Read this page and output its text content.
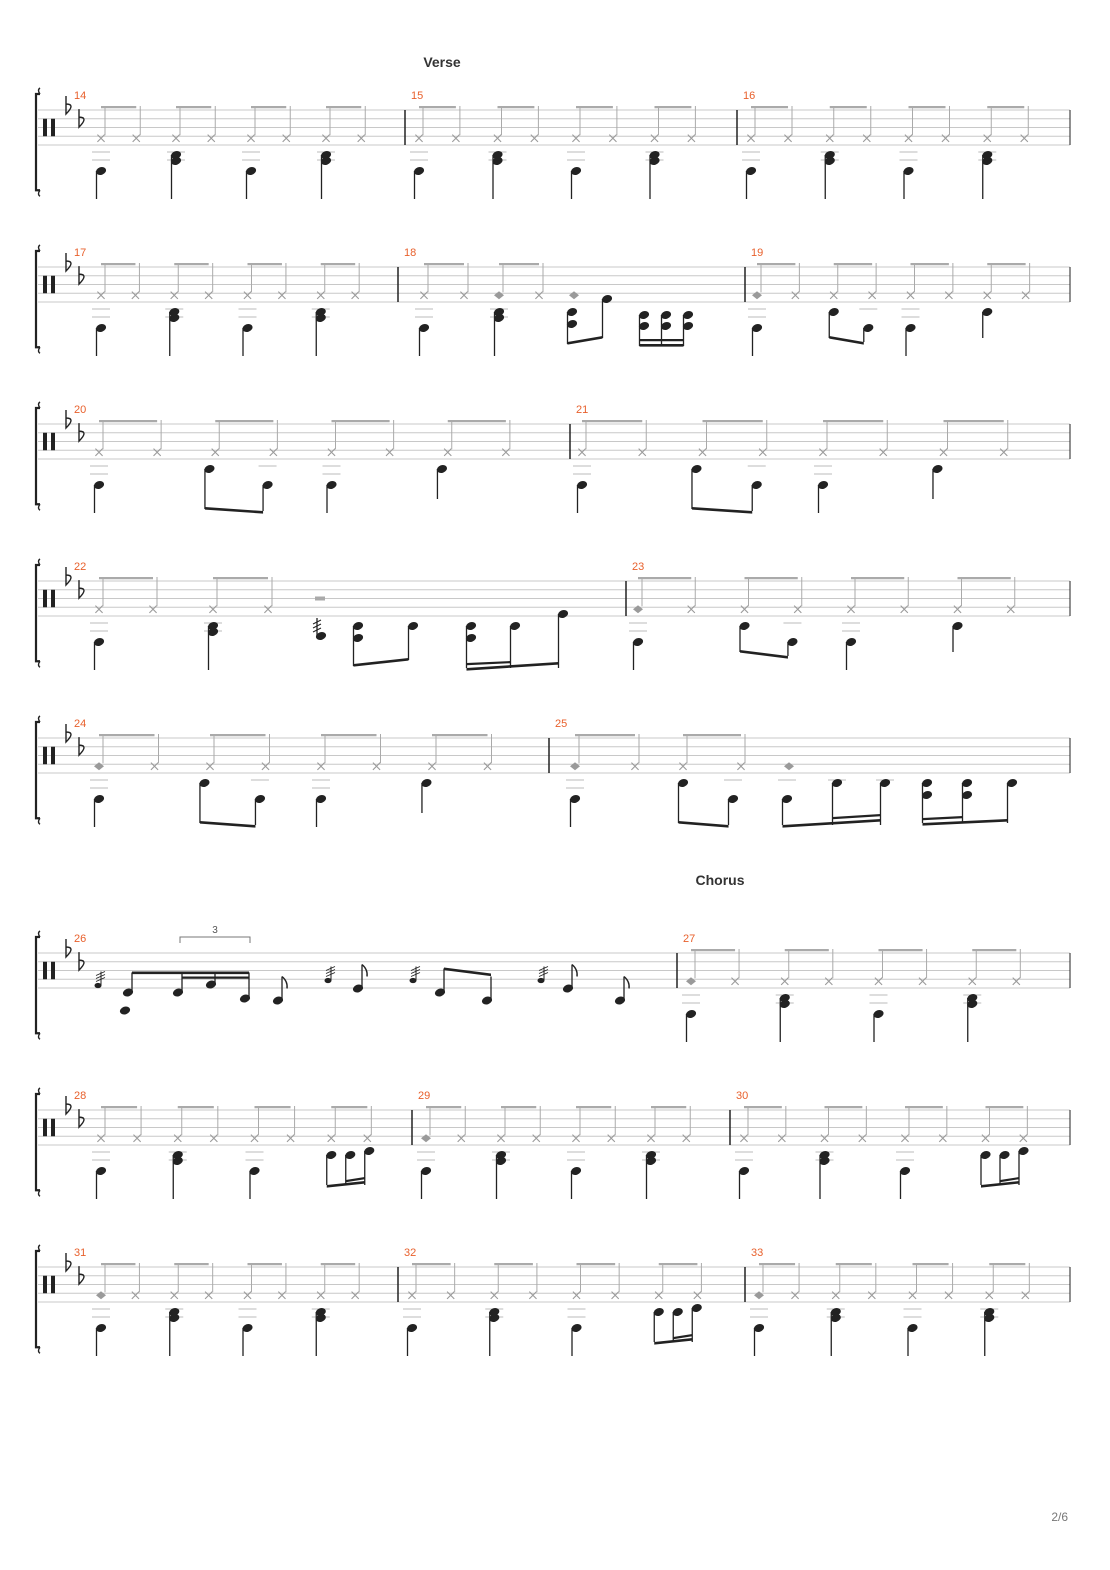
Verse
Chorus
14	15	16
17	18	19
20	21
22	23
24	25
26
3
27
28	29	30
31	32	33
2/6
